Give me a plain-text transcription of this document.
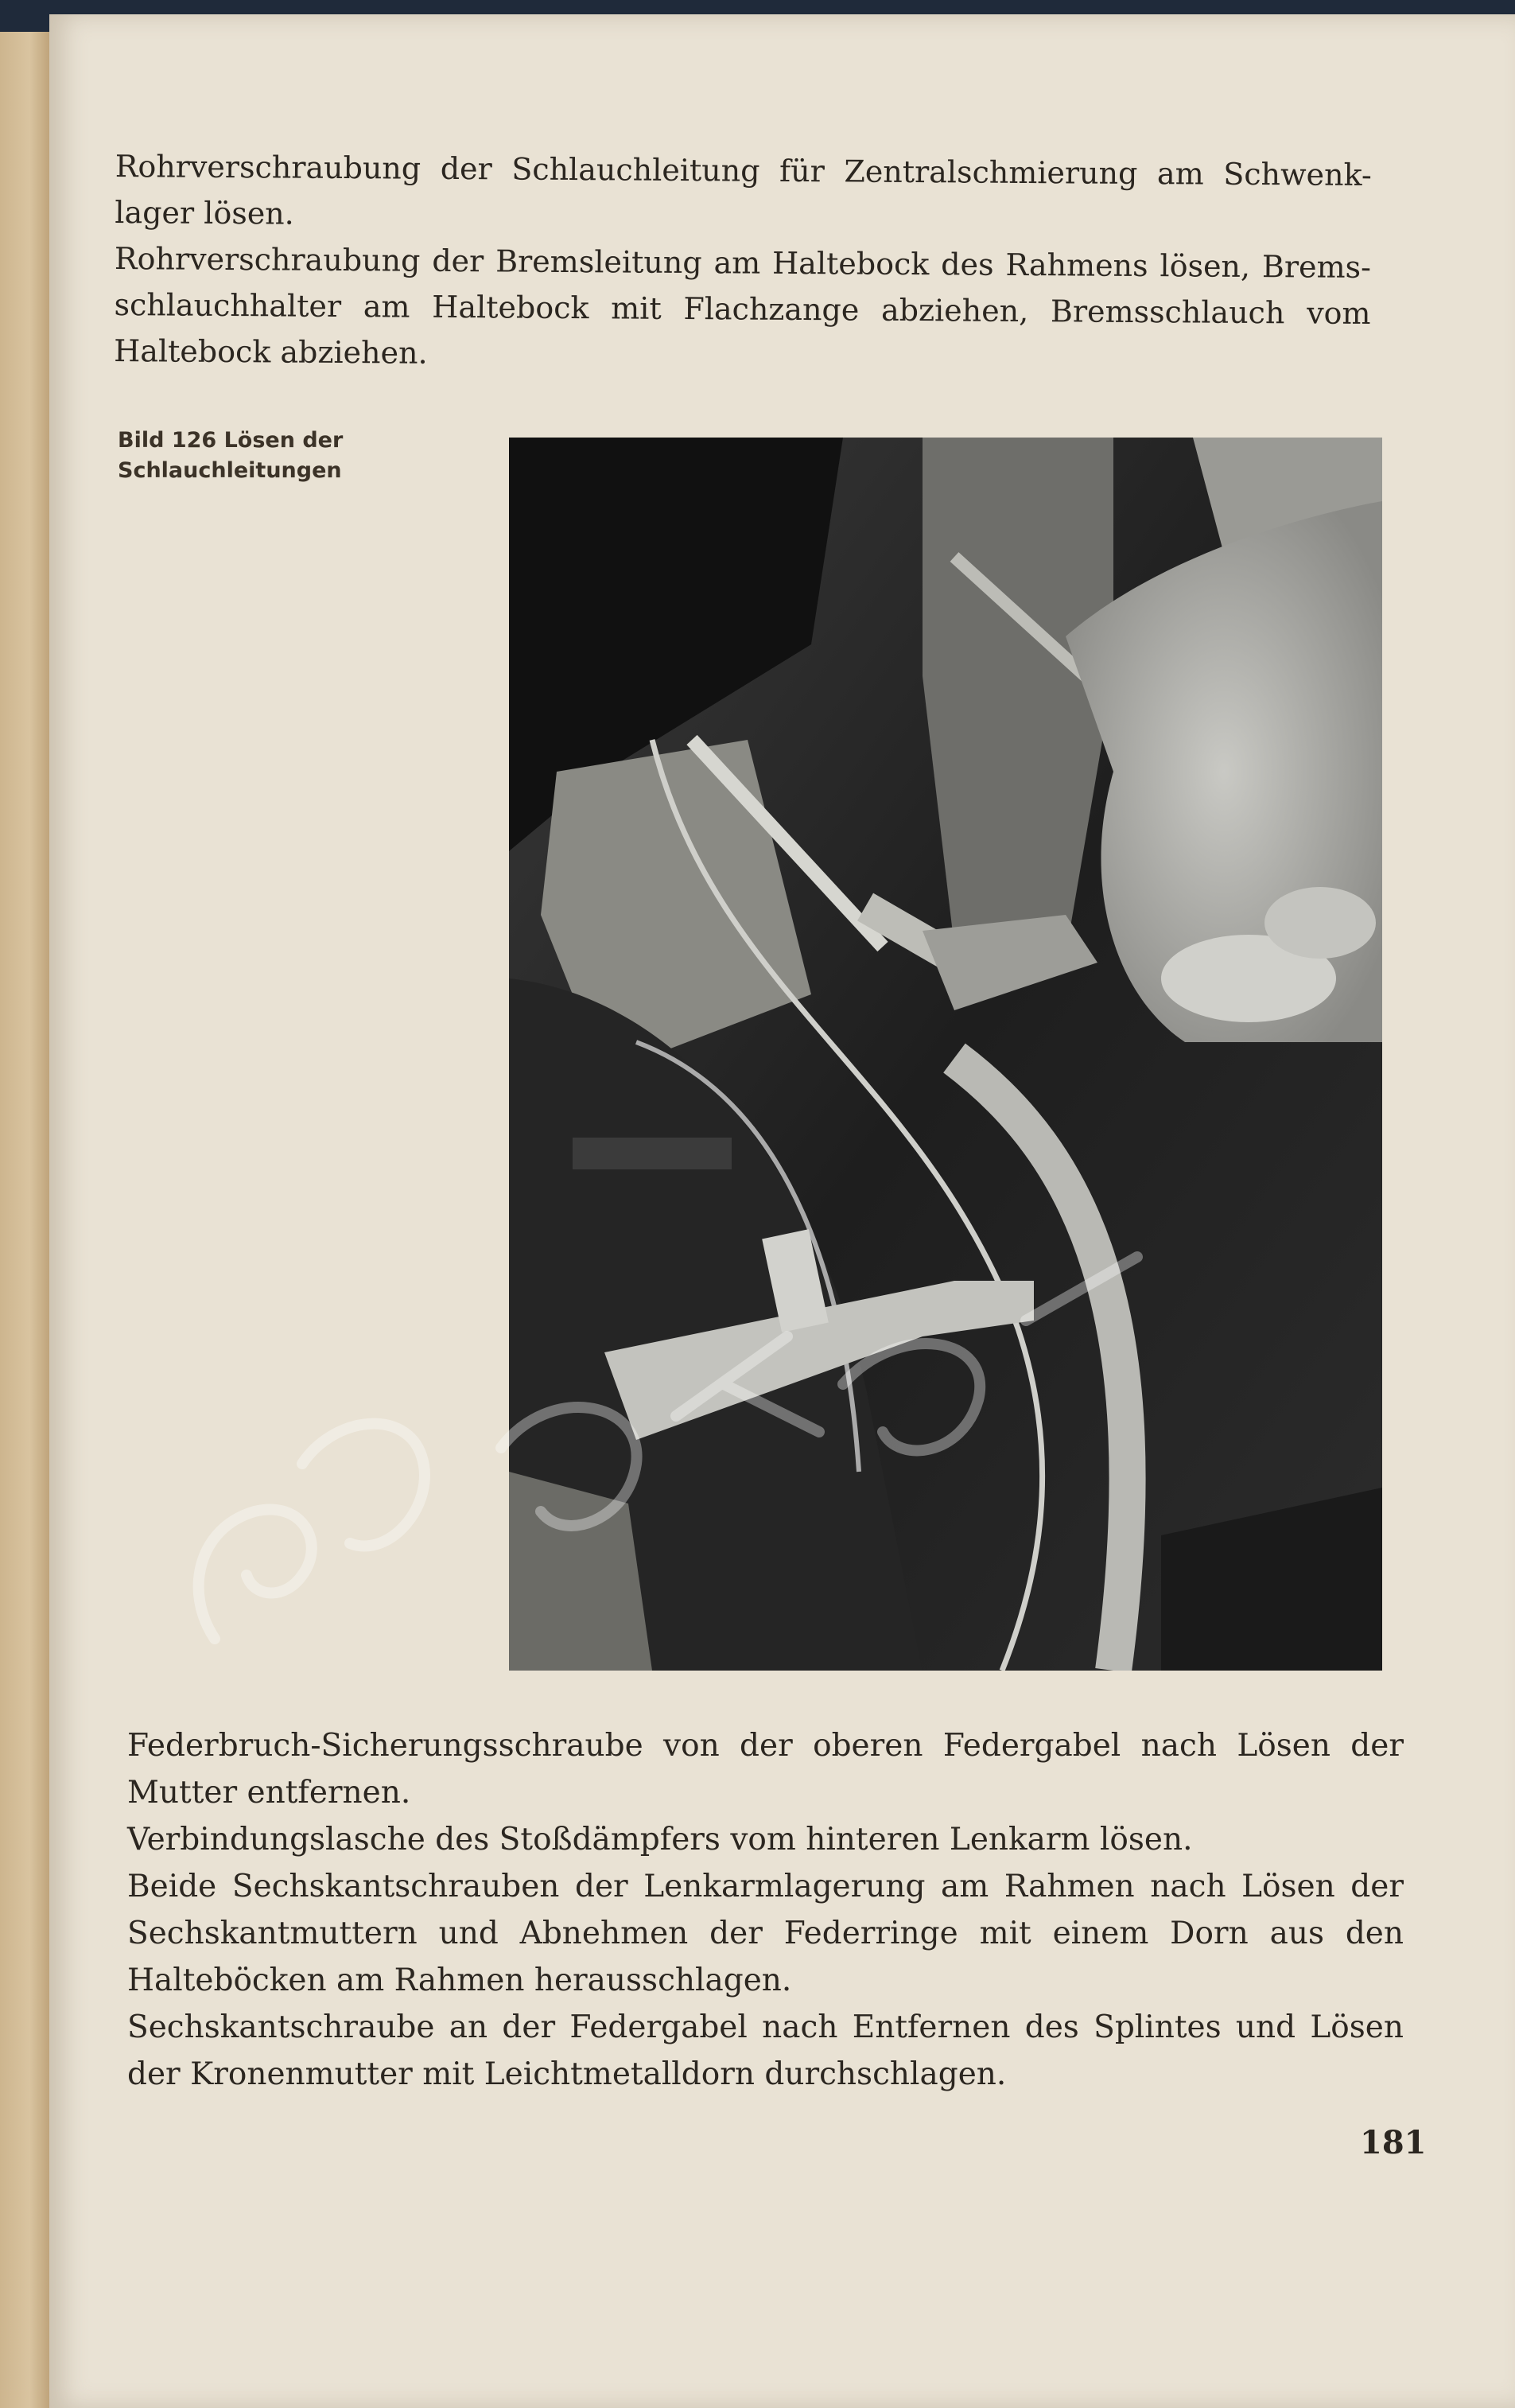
Rohrverschraubung der Schlauchleitung für Zentralschmierung am Schwenk- lager lösen.

Rohrverschraubung der Bremsleitung am Haltebock des Rahmens lösen, Brems- schlauchhalter am Haltebock mit Flachzange abziehen, Bremsschlauch vom Haltebock abziehen.

Bild 126 Lösen der Schlauchleitungen

Federbruch-Sicherungsschraube von der oberen Federgabel nach Lösen der Mutter entfernen.

Verbindungslasche des Stoßdämpfers vom hinteren Lenkarm lösen.

Beide Sechskantschrauben der Lenkarmlagerung am Rahmen nach Lösen der Sechskantmuttern und Abnehmen der Federringe mit einem Dorn aus den Halteböcken am Rahmen herausschlagen.

Sechskantschraube an der Federgabel nach Entfernen des Splintes und Lösen der Kronenmutter mit Leichtmetalldorn durchschlagen.

181
